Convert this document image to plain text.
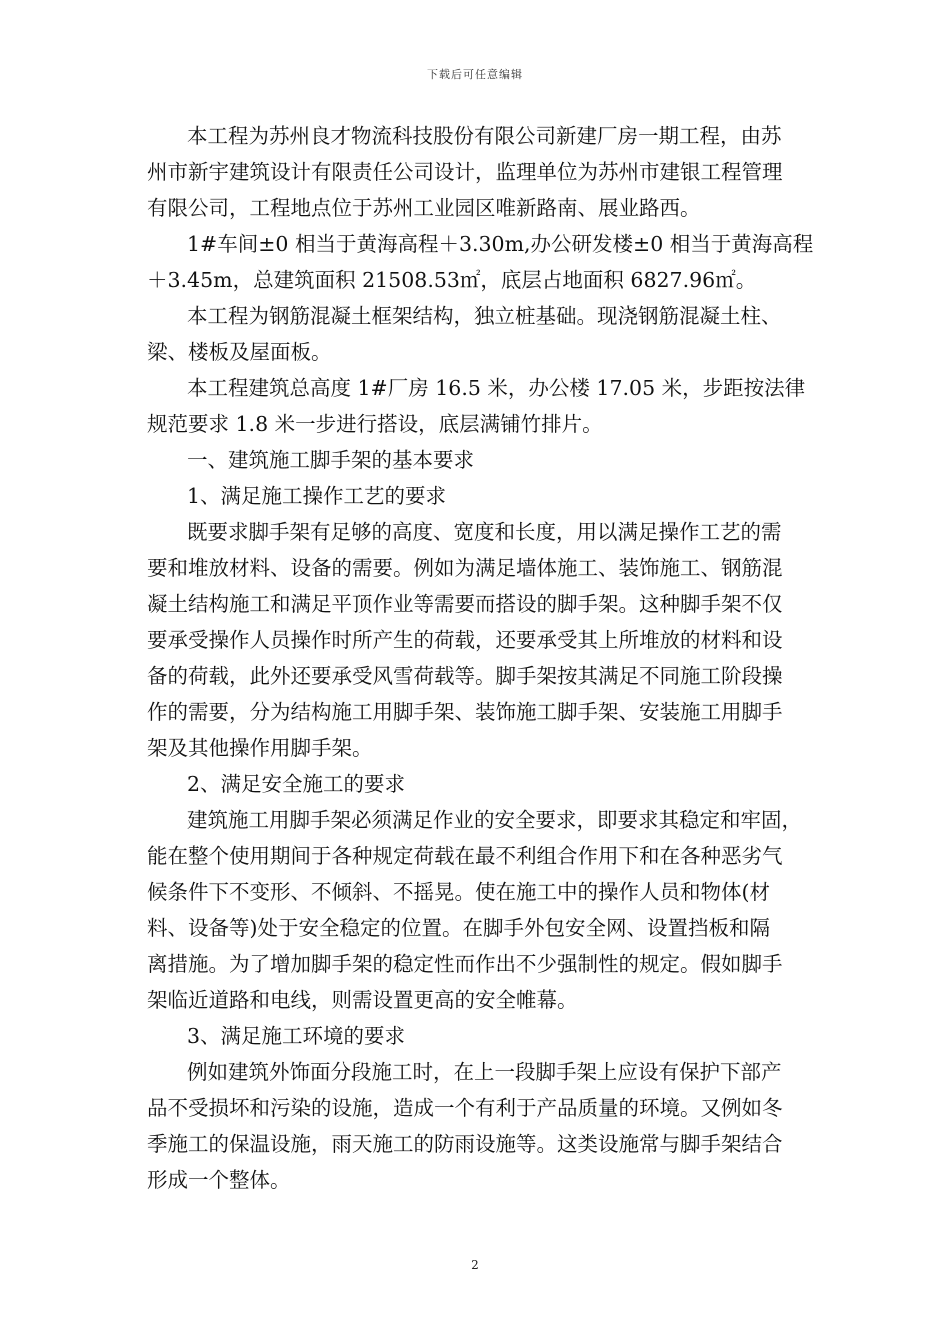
下载后可任意编辑
本工程为苏州良才物流科技股份有限公司新建厂房一期工程，由苏
州市新宇建筑设计有限责任公司设计，监理单位为苏州市建银工程管理
有限公司，工程地点位于苏州工业园区唯新路南、展业路西。
1#车间±0 相当于黄海高程＋3.30m,办公研发楼±0 相当于黄海高程
＋3.45m，总建筑面积 21508.53㎡，底层占地面积 6827.96㎡。
本工程为钢筋混凝土框架结构，独立桩基础。现浇钢筋混凝土柱、
梁、楼板及屋面板。
本工程建筑总高度 1#厂房 16.5 米，办公楼 17.05 米，步距按法律
规范要求 1.8 米一步进行搭设，底层满铺竹排片。
一、建筑施工脚手架的基本要求
1、满足施工操作工艺的要求
既要求脚手架有足够的高度、宽度和长度，用以满足操作工艺的需
要和堆放材料、设备的需要。例如为满足墙体施工、装饰施工、钢筋混
凝土结构施工和满足平顶作业等需要而搭设的脚手架。这种脚手架不仅
要承受操作人员操作时所产生的荷载，还要承受其上所堆放的材料和设
备的荷载，此外还要承受风雪荷载等。脚手架按其满足不同施工阶段操
作的需要，分为结构施工用脚手架、装饰施工脚手架、安装施工用脚手
架及其他操作用脚手架。
2、满足安全施工的要求
建筑施工用脚手架必须满足作业的安全要求，即要求其稳定和牢固，
能在整个使用期间于各种规定荷载在最不利组合作用下和在各种恶劣气
候条件下不变形、不倾斜、不摇晃。使在施工中的操作人员和物体(材
料、设备等)处于安全稳定的位置。在脚手外包安全网、设置挡板和隔
离措施。为了增加脚手架的稳定性而作出不少强制性的规定。假如脚手
架临近道路和电线，则需设置更高的安全帷幕。
3、满足施工环境的要求
例如建筑外饰面分段施工时，在上一段脚手架上应设有保护下部产
品不受损坏和污染的设施，造成一个有利于产品质量的环境。又例如冬
季施工的保温设施，雨天施工的防雨设施等。这类设施常与脚手架结合
形成一个整体。
2
